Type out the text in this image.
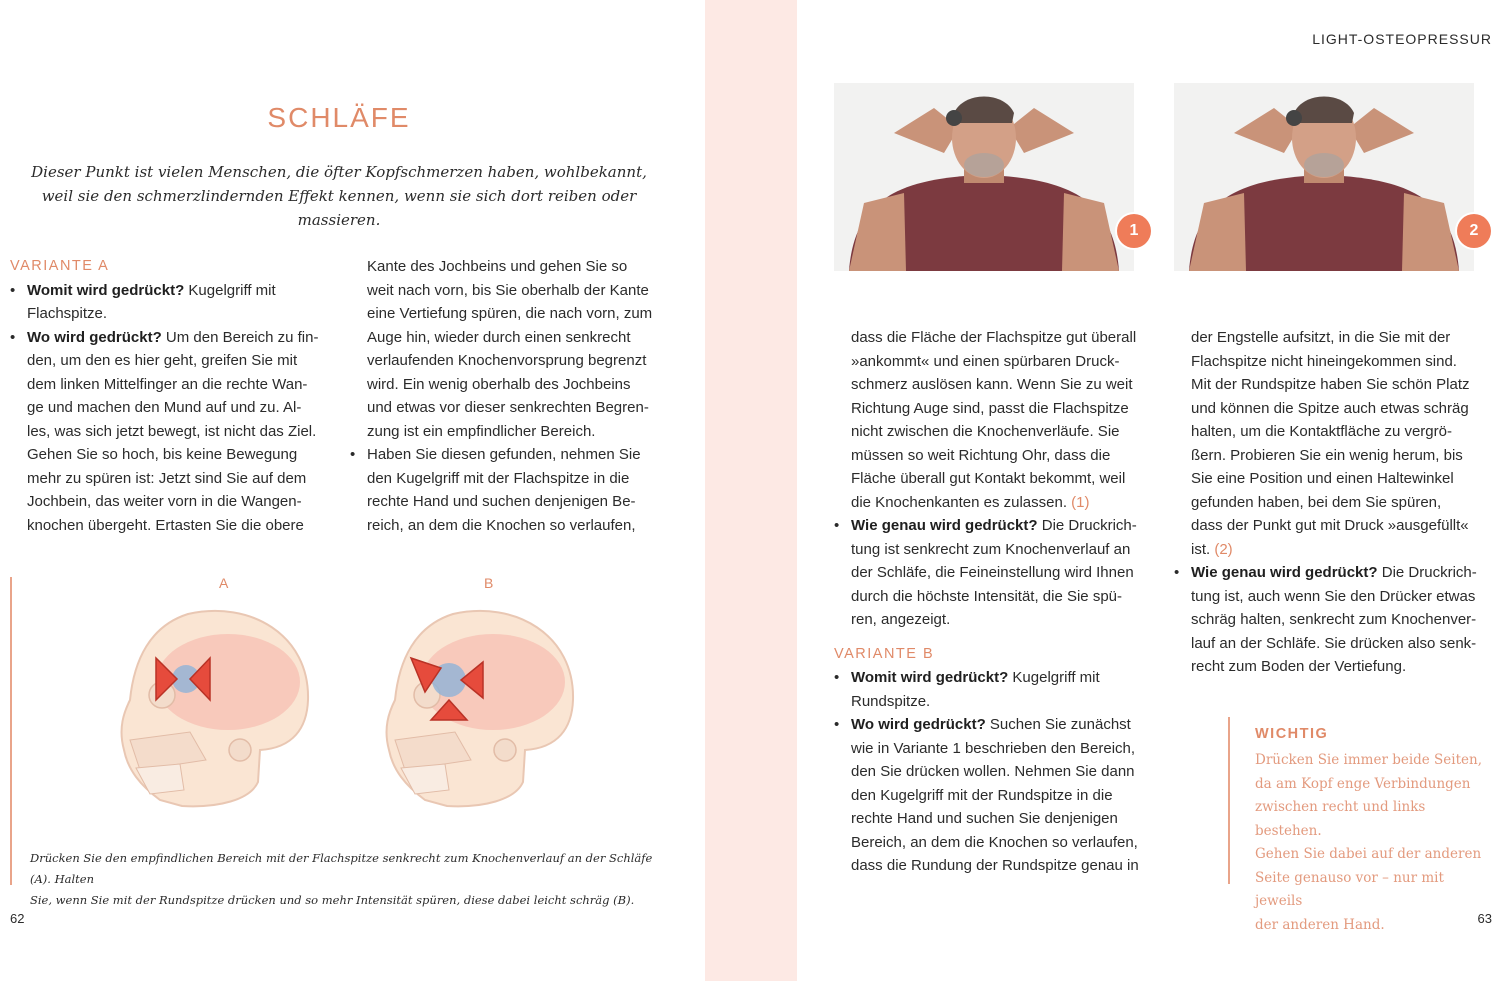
LIGHT-OSTEOPRESSUR
SCHLÄFE
Dieser Punkt ist vielen Menschen, die öfter Kopfschmerzen haben, wohlbekannt,
weil sie den schmerzlindernden Effekt kennen, wenn sie sich dort reiben oder massieren.
VARIANTE A
• Womit wird gedrückt? Kugelgriff mit
Flachspitze.
• Wo wird gedrückt? Um den Bereich zu fin-
den, um den es hier geht, greifen Sie mit
dem linken Mittelfinger an die rechte Wan-
ge und machen den Mund auf und zu. Al-
les, was sich jetzt bewegt, ist nicht das Ziel.
Gehen Sie so hoch, bis keine Bewegung
mehr zu spüren ist: Jetzt sind Sie auf dem
Jochbein, das weiter vorn in die Wangen-
knochen übergeht. Ertasten Sie die obere
Kante des Jochbeins und gehen Sie so
weit nach vorn, bis Sie oberhalb der Kante
eine Vertiefung spüren, die nach vorn, zum
Auge hin, wieder durch einen senkrecht
verlaufenden Knochenvorsprung begrenzt
wird. Ein wenig oberhalb des Jochbeins
und etwas vor dieser senkrechten Begren-
zung ist ein empfindlicher Bereich.
• Haben Sie diesen gefunden, nehmen Sie
den Kugelgriff mit der Flachspitze in die
rechte Hand und suchen denjenigen Be-
reich, an dem die Knochen so verlaufen,
A	B
Drücken Sie den empfindlichen Bereich mit der Flachspitze senkrecht zum Knochenverlauf an der Schläfe (A). Halten
Sie, wenn Sie mit der Rundspitze drücken und so mehr Intensität spüren, diese dabei leicht schräg (B).
62
1	2
dass die Fläche der Flachspitze gut überall
»ankommt« und einen spürbaren Druck-
schmerz auslösen kann. Wenn Sie zu weit
Richtung Auge sind, passt die Flachspitze
nicht zwischen die Knochenverläufe. Sie
müssen so weit Richtung Ohr, dass die
Fläche überall gut Kontakt bekommt, weil
die Knochenkanten es zulassen. (1)
• Wie genau wird gedrückt? Die Druckrich-
tung ist senkrecht zum Knochenverlauf an
der Schläfe, die Feineinstellung wird Ihnen
durch die höchste Intensität, die Sie spü-
ren, angezeigt.
VARIANTE B
• Womit wird gedrückt? Kugelgriff mit
Rundspitze.
• Wo wird gedrückt? Suchen Sie zunächst
wie in Variante 1 beschrieben den Bereich,
den Sie drücken wollen. Nehmen Sie dann
den Kugelgriff mit der Rundspitze in die
rechte Hand und suchen Sie denjenigen
Bereich, an dem die Knochen so verlaufen,
dass die Rundung der Rundspitze genau in
der Engstelle aufsitzt, in die Sie mit der
Flachspitze nicht hineingekommen sind.
Mit der Rundspitze haben Sie schön Platz
und können die Spitze auch etwas schräg
halten, um die Kontaktfläche zu vergrö-
ßern. Probieren Sie ein wenig herum, bis
Sie eine Position und einen Haltewinkel
gefunden haben, bei dem Sie spüren,
dass der Punkt gut mit Druck »ausgefüllt«
ist. (2)
• Wie genau wird gedrückt? Die Druckrich-
tung ist, auch wenn Sie den Drücker etwas
schräg halten, senkrecht zum Knochenver-
lauf an der Schläfe. Sie drücken also senk-
recht zum Boden der Vertiefung.
WICHTIG
Drücken Sie immer beide Seiten,
da am Kopf enge Verbindungen
zwischen recht und links bestehen.
Gehen Sie dabei auf der anderen
Seite genauso vor – nur mit jeweils
der anderen Hand.	63
